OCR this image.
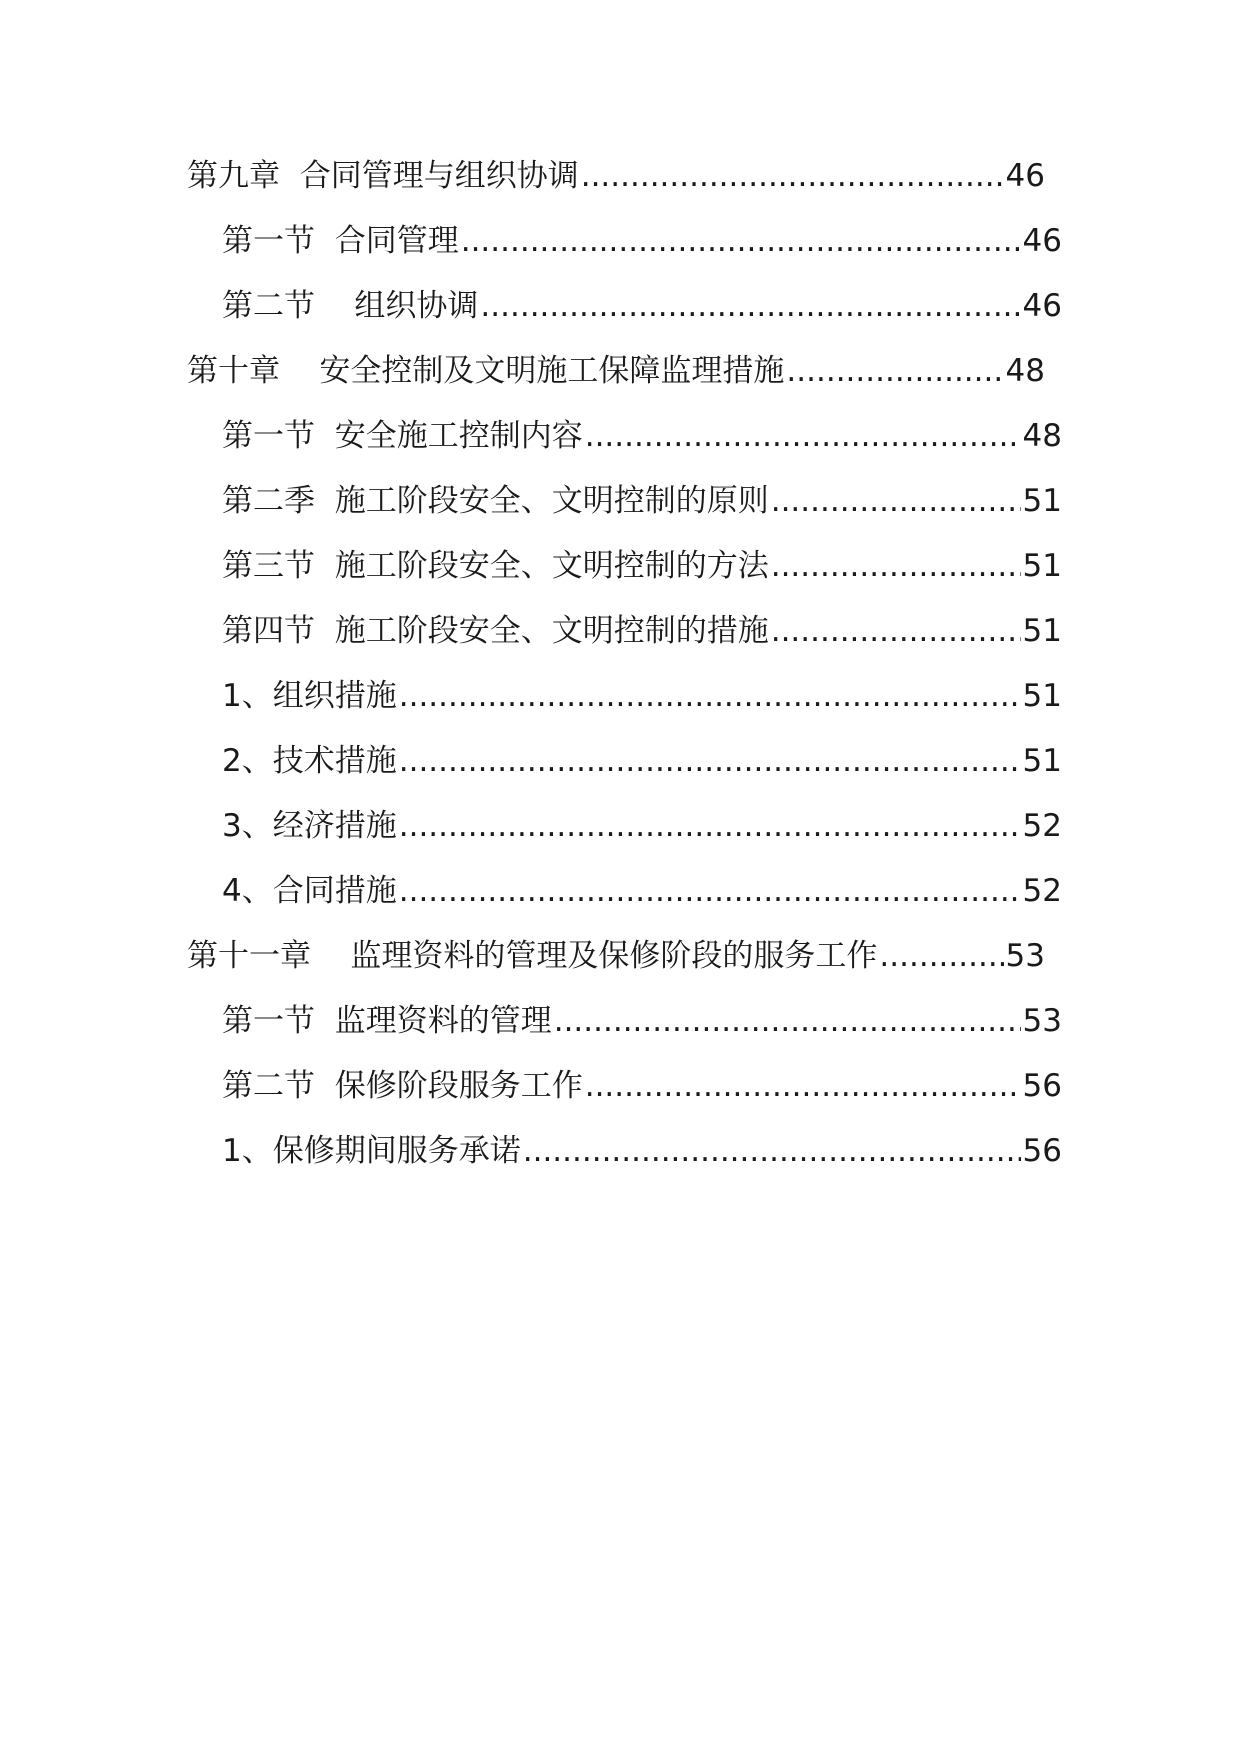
第九章  合同管理与组织协调 .....	46
第一节  合同管理 .....	46
第二节    组织协调 .....	46
第十章    安全控制及文明施工保障监理措施 .....	48
第一节  安全施工控制内容 .....	48
第二季  施工阶段安全、文明控制的原则 .....	51
第三节  施工阶段安全、文明控制的方法 .....	51
第四节  施工阶段安全、文明控制的措施 .....	51
1、组织措施 .....	51
2、技术措施 .....	51
3、经济措施 .....	52
4、合同措施 .....	52
第十一章    监理资料的管理及保修阶段的服务工作 .....	53
第一节  监理资料的管理 .....	53
第二节  保修阶段服务工作 .....	56
1、保修期间服务承诺 .....	56
